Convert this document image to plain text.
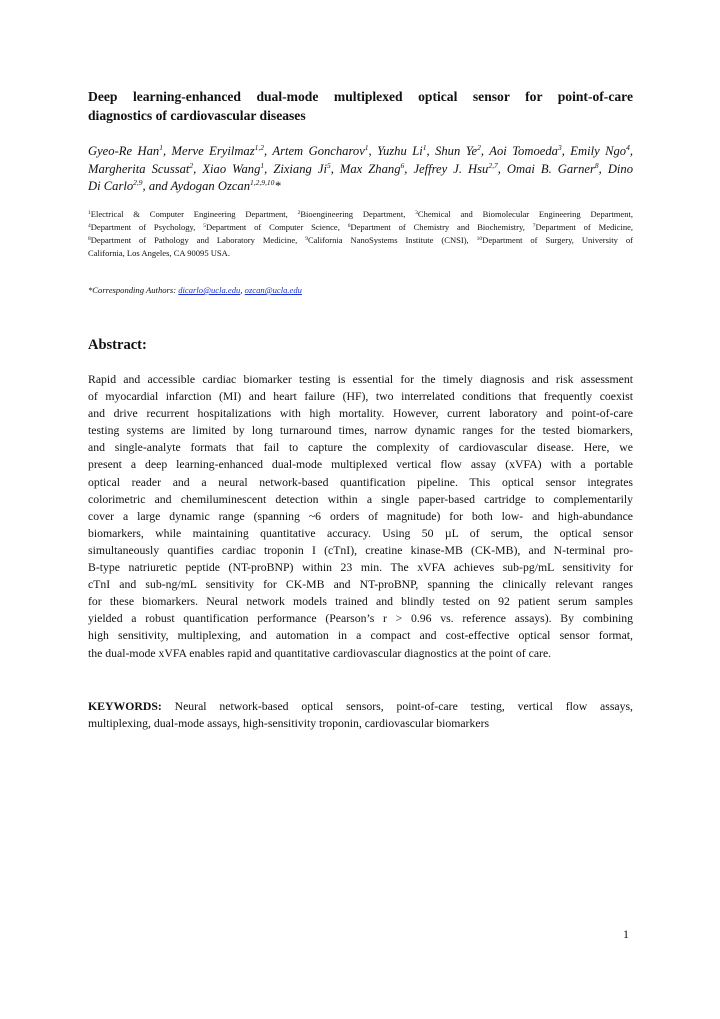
Deep learning-enhanced dual-mode multiplexed optical sensor for point-of-care
diagnostics of cardiovascular diseases
Gyeo-Re Han$^1$, Merve Eryilmaz$^{1,2}$, Artem Goncharov$^1$, Yuzhu Li$^1$, Shun Ye$^2$, Aoi Tomoeda$^3$, Emily Ngo$^4$,
Margherita Scussat$^2$, Xiao Wang$^1$, Zixiang Ji$^5$, Max Zhang$^6$, Jeffrey J. Hsu$^{2,7}$, Omai B. Garner$^8$, Dino
Di Carlo$^{2,9}$, and Aydogan Ozcan$^{1,2,9,10}$*
$^1$Electrical & Computer Engineering Department, $^2$Bioengineering Department, $^3$Chemical and Biomolecular Engineering Department,
$^4$Department of Psychology, $^5$Department of Computer Science, $^6$Department of Chemistry and Biochemistry, $^7$Department of Medicine,
$^8$Department of Pathology and Laboratory Medicine, $^9$California NanoSystems Institute (CNSI), $^{10}$Department of Surgery, University of
California, Los Angeles, CA 90095 USA.
*Corresponding Authors: dicarlo@ucla.edu, ozcan@ucla.edu
Abstract:
Rapid and accessible cardiac biomarker testing is essential for the timely diagnosis and risk assessment
of myocardial infarction (MI) and heart failure (HF), two interrelated conditions that frequently coexist
and drive recurrent hospitalizations with high mortality. However, current laboratory and point-of-care
testing systems are limited by long turnaround times, narrow dynamic ranges for the tested biomarkers,
and single-analyte formats that fail to capture the complexity of cardiovascular disease. Here, we
present a deep learning-enhanced dual-mode multiplexed vertical flow assay (xVFA) with a portable
optical reader and a neural network-based quantification pipeline. This optical sensor integrates
colorimetric and chemiluminescent detection within a single paper-based cartridge to complementarily
cover a large dynamic range (spanning ~6 orders of magnitude) for both low- and high-abundance
biomarkers, while maintaining quantitative accuracy. Using 50 µL of serum, the optical sensor
simultaneously quantifies cardiac troponin I (cTnI), creatine kinase-MB (CK-MB), and N-terminal pro-
B-type natriuretic peptide (NT-proBNP) within 23 min. The xVFA achieves sub-pg/mL sensitivity for
cTnI and sub-ng/mL sensitivity for CK-MB and NT-proBNP, spanning the clinically relevant ranges
for these biomarkers. Neural network models trained and blindly tested on 92 patient serum samples
yielded a robust quantification performance (Pearson’s r > 0.96 vs. reference assays). By combining
high sensitivity, multiplexing, and automation in a compact and cost-effective optical sensor format,
the dual-mode xVFA enables rapid and quantitative cardiovascular diagnostics at the point of care.
KEYWORDS: Neural network-based optical sensors, point-of-care testing, vertical flow assays,
multiplexing, dual-mode assays, high-sensitivity troponin, cardiovascular biomarkers
1
